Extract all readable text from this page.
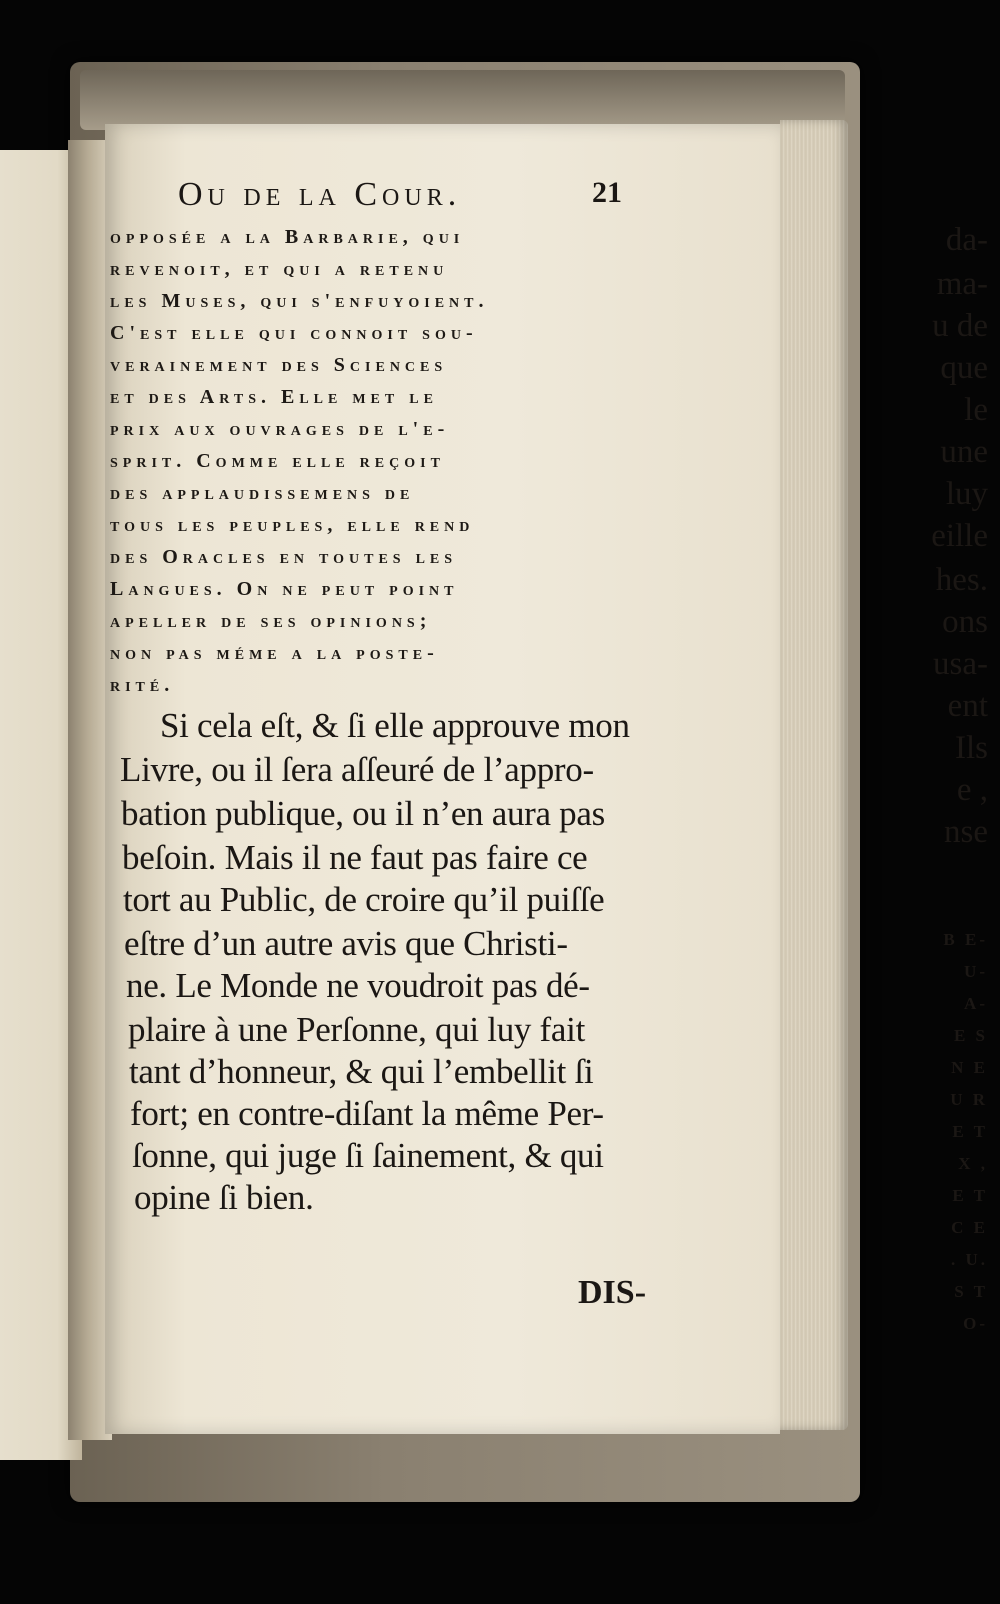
da-

ma-

u de

que

le

une

luy

eille

hes.

ons

usa-

ent

Ils

e ,

nse

B E-

U-

A-

E S

N E

U R

E T

X ,

E T

C E

. U.

S T

O-

Ou de la Cour.	21

opposée a la Barbarie, qui

revenoit, et qui a retenu

les Muses, qui s'enfuyoient.

C'est elle qui connoit sou-

verainement des Sciences

et des Arts. Elle met le

prix aux ouvrages de l'e-

sprit. Comme elle reçoit

des applaudissemens de

tous les peuples, elle rend

des Oracles en toutes les

Langues. On ne peut point

apeller de ses opinions;

non pas méme a la poste-

rité.

Si cela eſt, & ſi elle approuve mon

Livre, ou il ſera aſſeuré de l’appro-

bation publique, ou il n’en aura pas

beſoin. Mais il ne faut pas faire ce

tort au Public, de croire qu’il puiſſe

eſtre d’un autre avis que Christi-

ne. Le Monde ne voudroit pas dé-

plaire à une Perſonne, qui luy fait

tant d’honneur, & qui l’embellit ſi

fort; en contre-diſant la même Per-

ſonne, qui juge ſi ſainement, & qui

opine ſi bien.

DIS-
